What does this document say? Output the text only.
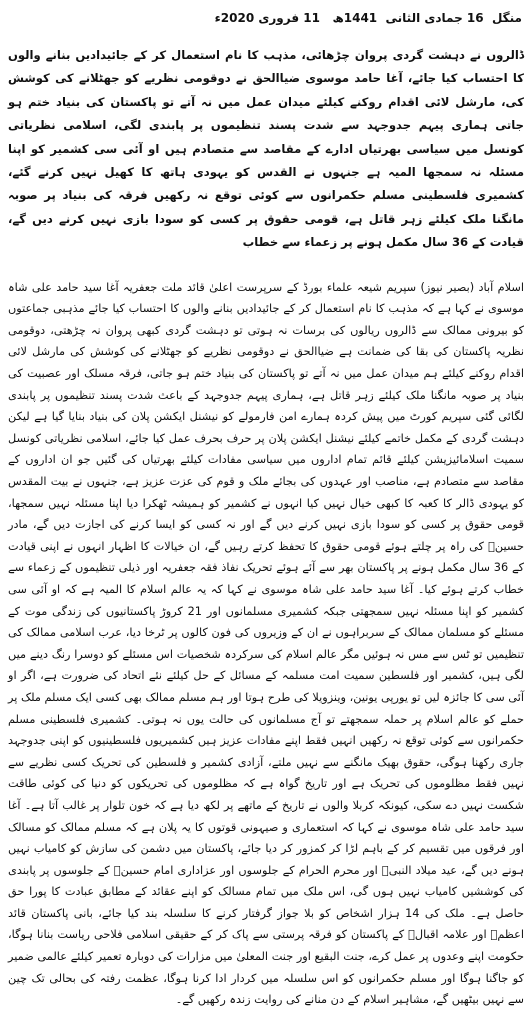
منگل  16 جمادی الثانی  1441ھ   11 فروری 2020ء
ڈالروں نے دہشت گردی پروان چڑھائی، مذہب کا نام استعمال کر کے جائیدادیں بنانے والوں کا احتساب کیا جائے، آغا حامد موسوی ضیاالحق نے دوقومی نظریے کو جھٹلانے کی کوشش کی، مارشل لائی اقدام روکنے کیلئے میدان عمل میں نہ آتے تو پاکستان کی بنیاد ختم ہو جاتی ہماری پیہم جدوجہد سے شدت پسند تنظیموں پر پابندی لگی، اسلامی نظریاتی کونسل میں سیاسی بھرتیاں ادارے کے مقاصد سے متصادم ہیں او آئی سی کشمیر کو اپنا مسئلہ نہ سمجھا المیہ ہے جنہوں نے القدس کو یہودی ہاتھ کا کھیل نہیں کرنے گئے، کشمیری فلسطینی مسلم حکمرانوں سے کوئی توقع نہ رکھیں فرقہ کی بنیاد پر صوبہ مانگنا ملک کیلئے زہر قاتل ہے، قومی حقوق پر کسی کو سودا بازی نہیں کرنے دیں گے، قیادت کے 36 سال مکمل ہونے پر زعماء سے خطاب
اسلام آباد (بصیر نیوز) سپریم شیعہ علماء بورڈ کے سرپرست اعلیٰ قائد ملت جعفریہ آغا سید حامد علی شاہ موسوی نے کہا ہے کہ مذہب کا نام استعمال کر کے جائیدادیں بنانے والوں کا احتساب کیا جائے مذہبی جماعتوں کو بیرونی ممالک سے ڈالروں ریالوں کی برسات نہ ہوتی تو دہشت گردی کبھی پروان نہ چڑھتی، دوقومی نظریہ پاکستان کی بقا کی ضمانت ہے ضیاالحق نے دوقومی نظریے کو جھٹلانے کی کوشش کی مارشل لائی اقدام روکنے کیلئے ہم میدان عمل میں نہ آتے تو پاکستان کی بنیاد ختم ہو جاتی، فرقہ مسلک اور عصبیت کی بنیاد پر صوبہ مانگنا ملک کیلئے زہر قاتل ہے، ہماری پیہم جدوجہد کے باعث شدت پسند تنظیموں پر پابندی لگائی گئی سپریم کورٹ میں پیش کردہ ہمارے امن فارمولے کو نیشنل ایکشن پلان کی بنیاد بنایا گیا ہے لیکن دہشت گردی کے مکمل خاتمے کیلئے نیشنل ایکشن پلان پر حرف بحرف عمل کیا جائے، اسلامی نظریاتی کونسل سمیت اسلامائیزیشن کیلئے قائم تمام اداروں میں سیاسی مفادات کیلئے بھرتیاں کی گئیں جو ان اداروں کے مقاصد سے متصادم ہے، مناصب اور عہدوں کی بجائے ملک و قوم کی عزت عزیز ہے، جنہوں نے بیت المقدس کو یہودی ڈالر کا کعبہ کا کبھی خیال نہیں کیا انہوں نے کشمیر کو ہمیشہ ٹھکرا دیا اپنا مسئلہ نہیں سمجھا، قومی حقوق پر کسی کو سودا بازی نہیں کرنے دیں گے اور نہ کسی کو ایسا کرنے کی اجازت دیں گے، مادر حسینؑ کی راہ پر چلتے ہوئے قومی حقوق کا تحفظ کرتے رہیں گے، ان خیالات کا اظہار انہوں نے اپنی قیادت کے 36 سال مکمل ہونے پر پاکستان بھر سے آئے ہوئے تحریک نفاذ فقہ جعفریہ اور ذیلی تنظیموں کے زعماء سے خطاب کرتے ہوئے کیا۔ آغا سید حامد علی شاہ موسوی نے کہا کہ یہ عالم اسلام کا المیہ ہے کہ او آئی سی کشمیر کو اپنا مسئلہ نہیں سمجھتی جبکہ کشمیری مسلمانوں اور 21 کروڑ پاکستانیوں کی زندگی موت کے مسئلے کو مسلمان ممالک کے سربراہوں نے ان کے وزیروں کی فون کالوں پر ٹرخا دیا، عرب اسلامی ممالک کی تنظیمیں تو ٹس سے مس نہ ہوئیں مگر عالم اسلام کی سرکردہ شخصیات اس مسئلے کو دوسرا رنگ دینے میں لگی ہیں، کشمیر اور فلسطین سمیت امت مسلمہ کے مسائل کے حل کیلئے نئے اتحاد کی ضرورت ہے، اگر او آئی سی کا جائزہ لیں تو یورپی یونین، وینزویلا کی طرح ہوتا اور ہم مسلم ممالک بھی کسی ایک مسلم ملک پر حملے کو عالم اسلام پر حملہ سمجھتے تو آج مسلمانوں کی حالت یوں نہ ہوتی۔ کشمیری فلسطینی مسلم حکمرانوں سے کوئی توقع نہ رکھیں انہیں فقط اپنے مفادات عزیز ہیں کشمیریوں فلسطینیوں کو اپنی جدوجہد جاری رکھنا ہوگی، حقوق بھیک مانگنے سے نہیں ملتے، آزادی کشمیر و فلسطین کی تحریک کسی نظریے سے نہیں فقط مظلوموں کی تحریک ہے اور تاریخ گواہ ہے کہ مظلوموں کی تحریکوں کو دنیا کی کوئی طاقت شکست نہیں دے سکی، کیونکہ کربلا والوں نے تاریخ کے ماتھے پر لکھ دیا ہے کہ خون تلوار پر غالب آتا ہے۔ آغا سید حامد علی شاہ موسوی نے کہا کہ استعماری و صیہونی قوتوں کا یہ پلان ہے کہ مسلم ممالک کو مسالک اور فرقوں میں تقسیم کر کے باہم لڑا کر کمزور کر دیا جائے، پاکستان میں دشمن کی سازش کو کامیاب نہیں ہونے دیں گے، عید میلاد النبیؐ اور محرم الحرام کے جلوسوں اور عزاداری امام حسینؑ کے جلوسوں پر پابندی کی کوششیں کامیاب نہیں ہوں گی، اس ملک میں تمام مسالک کو اپنے عقائد کے مطابق عبادت کا پورا حق حاصل ہے۔ ملک کی 14 ہزار اشخاص کو بلا جواز گرفتار کرنے کا سلسلہ بند کیا جائے، بانی پاکستان قائد اعظمؒ اور علامہ اقبالؒ کے پاکستان کو فرقہ پرستی سے پاک کر کے حقیقی اسلامی فلاحی ریاست بنانا ہوگا، حکومت اپنے وعدوں پر عمل کرے، جنت البقیع اور جنت المعلیٰ میں مزارات کی دوبارہ تعمیر کیلئے عالمی ضمیر کو جاگنا ہوگا اور مسلم حکمرانوں کو اس سلسلہ میں کردار ادا کرنا ہوگا، عظمت رفتہ کی بحالی تک چین سے نہیں بیٹھیں گے، مشاہیر اسلام کے دن منانے کی روایت زندہ رکھیں گے۔
